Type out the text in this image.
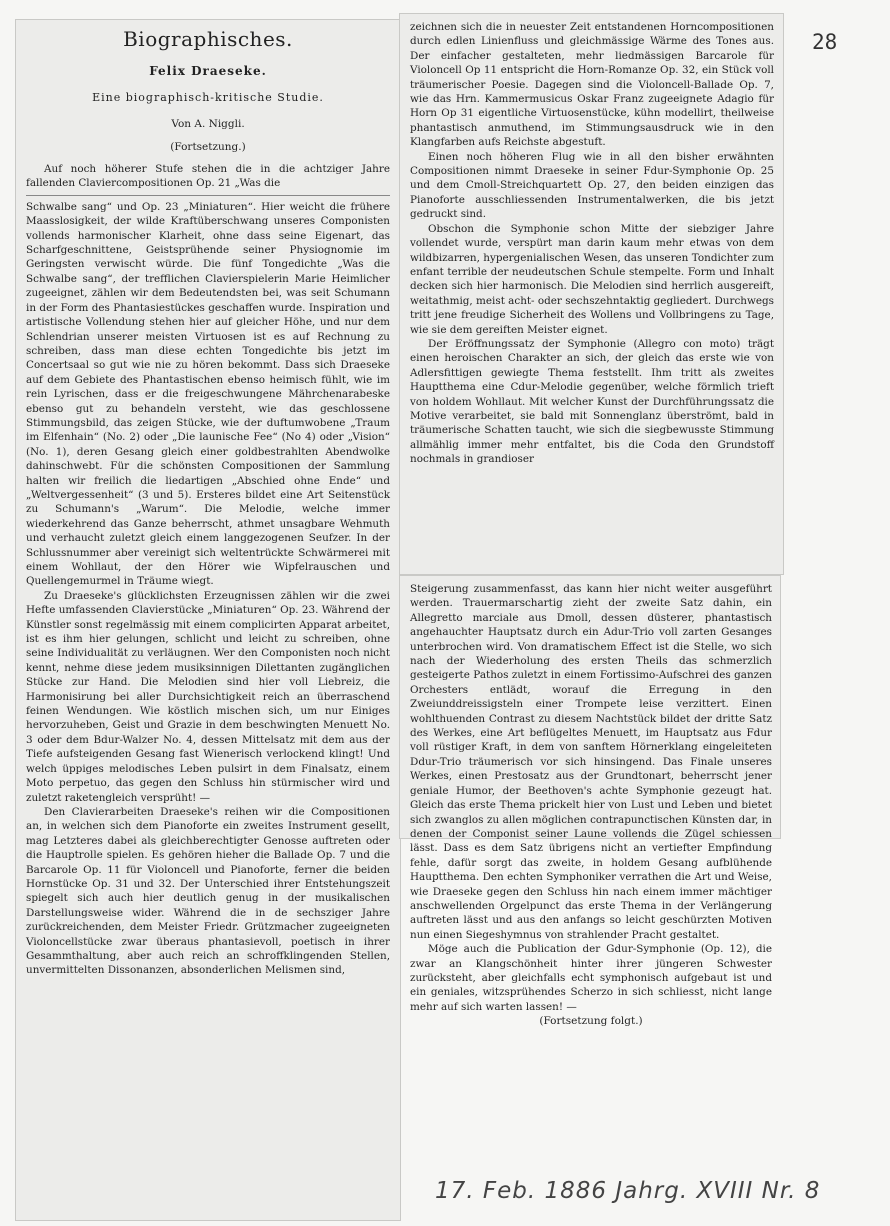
28
Biographisches.
Felix Draeseke.
Eine biographisch-kritische Studie.
Von A. Niggli.
(Fortsetzung.)

Auf noch höherer Stufe stehen die in die achtziger Jahre fallenden Claviercompositionen Op. 21 „Was die

Schwalbe sang“ und Op. 23 „Miniaturen“. Hier weicht die frühere Maasslosigkeit, der wilde Kraftüberschwang unseres Componisten vollends harmonischer Klarheit, ohne dass seine Eigenart, das Scharfgeschnittene, Geistsprühende seiner Physiognomie im Geringsten verwischt würde. Die fünf Tongedichte „Was die Schwalbe sang“, der trefflichen Clavierspielerin Marie Heimlicher zugeeignet, zählen wir dem Bedeutendsten bei, was seit Schumann in der Form des Phantasiestückes geschaffen wurde. Inspiration und artistische Vollendung stehen hier auf gleicher Höhe, und nur dem Schlendrian unserer meisten Virtuosen ist es auf Rechnung zu schreiben, dass man diese echten Tongedichte bis jetzt im Concertsaal so gut wie nie zu hören bekommt. Dass sich Draeseke auf dem Gebiete des Phantastischen ebenso heimisch fühlt, wie im rein Lyrischen, dass er die freigeschwungene Mährchenarabeske ebenso gut zu behandeln versteht, wie das geschlossene Stimmungsbild, das zeigen Stücke, wie der duftumwobene „Traum im Elfenhain“ (No. 2) oder „Die launische Fee“ (No 4) oder „Vision“ (No. 1), deren Gesang gleich einer goldbestrahlten Abendwolke dahinschwebt. Für die schönsten Compositionen der Sammlung halten wir freilich die liedartigen „Abschied ohne Ende“ und „Weltvergessenheit“ (3 und 5). Ersteres bildet eine Art Seitenstück zu Schumann's „Warum“. Die Melodie, welche immer wiederkehrend das Ganze beherrscht, athmet unsagbare Wehmuth und verhaucht zuletzt gleich einem langgezogenen Seufzer. In der Schlussnummer aber vereinigt sich weltentrückte Schwärmerei mit einem Wohllaut, der den Hörer wie Wipfelrauschen und Quellengemurmel in Träume wiegt.

Zu Draeseke's glücklichsten Erzeugnissen zählen wir die zwei Hefte umfassenden Clavierstücke „Miniaturen“ Op. 23. Während der Künstler sonst regelmässig mit einem complicirten Apparat arbeitet, ist es ihm hier gelungen, schlicht und leicht zu schreiben, ohne seine Individualität zu verläugnen. Wer den Componisten noch nicht kennt, nehme diese jedem musiksinnigen Dilettanten zugänglichen Stücke zur Hand. Die Melodien sind hier voll Liebreiz, die Harmonisirung bei aller Durchsichtigkeit reich an überraschend feinen Wendungen. Wie köstlich mischen sich, um nur Einiges hervorzuheben, Geist und Grazie in dem beschwingten Menuett No. 3 oder dem Bdur-Walzer No. 4, dessen Mittelsatz mit dem aus der Tiefe aufsteigenden Gesang fast Wienerisch verlockend klingt! Und welch üppiges melodisches Leben pulsirt in dem Finalsatz, einem Moto perpetuo, das gegen den Schluss hin stürmischer wird und zuletzt raketengleich versprüht! —

Den Clavierarbeiten Draeseke's reihen wir die Compositionen an, in welchen sich dem Pianoforte ein zweites Instrument gesellt, mag Letzteres dabei als gleichberechtigter Genosse auftreten oder die Hauptrolle spielen. Es gehören hieher die Ballade Op. 7 und die Barcarole Op. 11 für Violoncell und Pianoforte, ferner die beiden Hornstücke Op. 31 und 32. Der Unterschied ihrer Entstehungszeit spiegelt sich auch hier deutlich genug in der musikalischen Darstellungsweise wider. Während die in de sechsziger Jahre zurückreichenden, dem Meister Friedr. Grützmacher zugeeigneten Violoncellstücke zwar überaus phantasievoll, poetisch in ihrer Gesammthaltung, aber auch reich an schroffklingenden Stellen, unvermittelten Dissonanzen, absonderlichen Melismen sind,

zeichnen sich die in neuester Zeit entstandenen Horncompositionen durch edlen Linienfluss und gleichmässige Wärme des Tones aus. Der einfacher gestalteten, mehr liedmässigen Barcarole für Violoncell Op 11 entspricht die Horn-Romanze Op. 32, ein Stück voll träumerischer Poesie. Dagegen sind die Violoncell-Ballade Op. 7, wie das Hrn. Kammermusicus Oskar Franz zugeeignete Adagio für Horn Op 31 eigentliche Virtuosenstücke, kühn modellirt, theilweise phantastisch anmuthend, im Stimmungsausdruck wie in den Klangfarben aufs Reichste abgestuft.

Einen noch höheren Flug wie in all den bisher erwähnten Compositionen nimmt Draeseke in seiner Fdur-Symphonie Op. 25 und dem Cmoll-Streichquartett Op. 27, den beiden einzigen das Pianoforte ausschliessenden Instrumentalwerken, die bis jetzt gedruckt sind.

Obschon die Symphonie schon Mitte der siebziger Jahre vollendet wurde, verspürt man darin kaum mehr etwas von dem wildbizarren, hypergenialischen Wesen, das unseren Tondichter zum enfant terrible der neudeutschen Schule stempelte. Form und Inhalt decken sich hier harmonisch. Die Melodien sind herrlich ausgereift, weitathmig, meist acht- oder sechszehntaktig gegliedert. Durchwegs tritt jene freudige Sicherheit des Wollens und Vollbringens zu Tage, wie sie dem gereiften Meister eignet.

Der Eröffnungssatz der Symphonie (Allegro con moto) trägt einen heroischen Charakter an sich, der gleich das erste wie von Adlersfittigen gewiegte Thema feststellt. Ihm tritt als zweites Hauptthema eine Cdur-Melodie gegenüber, welche förmlich trieft von holdem Wohllaut. Mit welcher Kunst der Durchführungssatz die Motive verarbeitet, sie bald mit Sonnenglanz überströmt, bald in träumerische Schatten taucht, wie sich die siegbewusste Stimmung allmählig immer mehr entfaltet, bis die Coda den Grundstoff nochmals in grandioser

Steigerung zusammenfasst, das kann hier nicht weiter ausgeführt werden. Trauermarschartig zieht der zweite Satz dahin, ein Allegretto marciale aus Dmoll, dessen düsterer, phantastisch angehauchter Hauptsatz durch ein Adur-Trio voll zarten Gesanges unterbrochen wird. Von dramatischem Effect ist die Stelle, wo sich nach der Wiederholung des ersten Theils das schmerzlich gesteigerte Pathos zuletzt in einem Fortissimo-Aufschrei des ganzen Orchesters entlädt, worauf die Erregung in den Zweiunddreissigsteln einer Trompete leise verzittert. Einen wohlthuenden Contrast zu diesem Nachtstück bildet der dritte Satz des Werkes, eine Art beflügeltes Menuett, im Hauptsatz aus Fdur voll rüstiger Kraft, in dem von sanftem Hörnerklang eingeleiteten Ddur-Trio träumerisch vor sich hinsingend. Das Finale unseres Werkes, einen Prestosatz aus der Grundtonart, beherrscht jener geniale Humor, der Beethoven's achte Symphonie gezeugt hat. Gleich das erste Thema prickelt hier von Lust und Leben und bietet sich zwanglos zu allen möglichen contrapunctischen Künsten dar, in denen der Componist seiner Laune vollends die Zügel schiessen lässt. Dass es dem Satz übrigens nicht an vertiefter Empfindung fehle, dafür sorgt das zweite, in holdem Gesang aufblühende Hauptthema. Den echten Symphoniker verrathen die Art und Weise, wie Draeseke gegen den Schluss hin nach einem immer mächtiger anschwellenden Orgelpunct das erste Thema in der Verlängerung auftreten lässt und aus den anfangs so leicht geschürzten Motiven nun einen Siegeshymnus von strahlender Pracht gestaltet.

Möge auch die Publication der Gdur-Symphonie (Op. 12), die zwar an Klangschönheit hinter ihrer jüngeren Schwester zurücksteht, aber gleichfalls echt symphonisch aufgebaut ist und ein geniales, witzsprühendes Scherzo in sich schliesst, nicht lange mehr auf sich warten lassen! —

(Fortsetzung folgt.)

17. Feb. 1886 Jahrg. XVIII Nr. 8
